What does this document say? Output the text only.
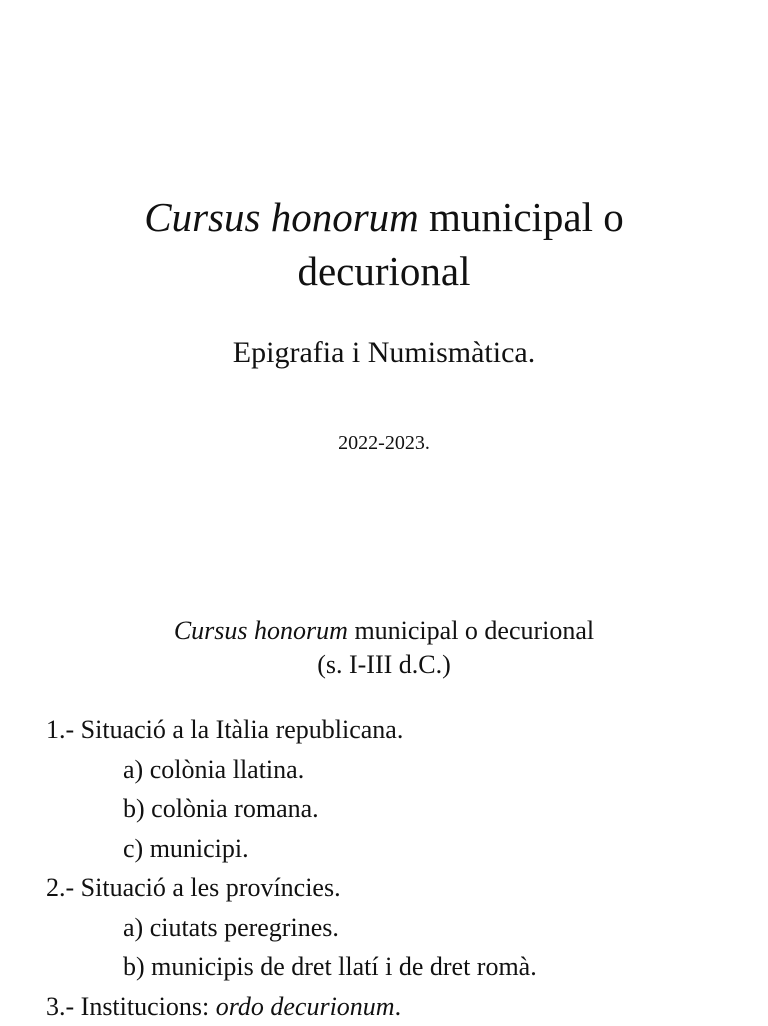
Cursus honorum municipal o
decurional
Epigrafia i Numismàtica.
2022-2023.
Cursus honorum municipal o decurional
(s. I-III d.C.)
1.- Situació a la Itàlia republicana.
a) colònia llatina.
b) colònia romana.
c) municipi.
2.- Situació a les províncies.
a) ciutats peregrines.
b) municipis de dret llatí i de dret romà.
3.- Institucions: ordo decurionum.
